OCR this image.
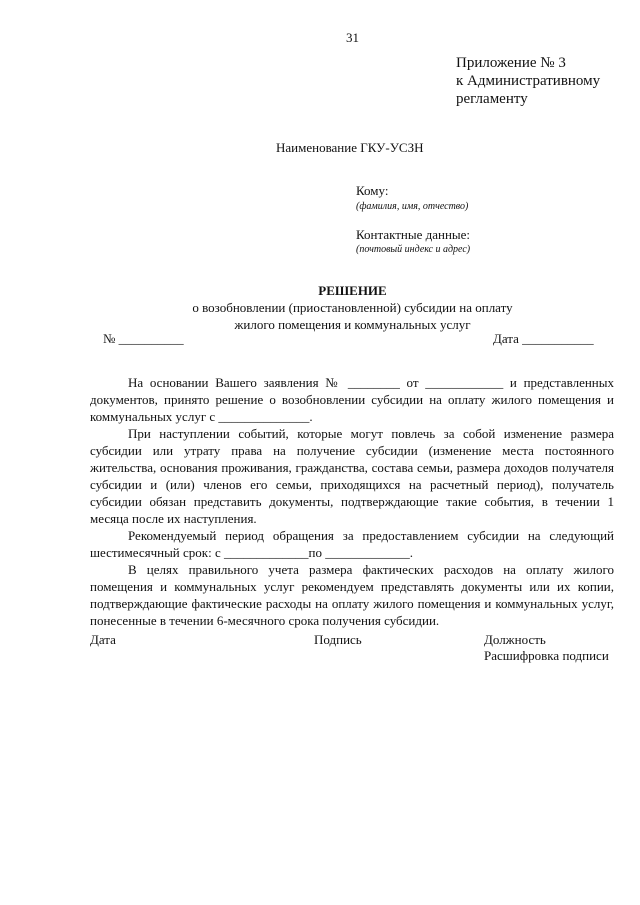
31
Приложение № 3
к Административному
регламенту
Наименование ГКУ-УСЗН
Кому:
(фамилия, имя, отчество)
Контактные данные:
(почтовый индекс и адрес)
РЕШЕНИЕ
о возобновлении (приостановленной) субсидии на оплату
жилого помещения и коммунальных услуг
№ __________	Дата ___________

На основании Вашего заявления № ________ от ____________ и представленных документов, принято решение о возобновлении субсидии на оплату жилого помещения и коммунальных услуг с ______________.

При наступлении событий, которые могут повлечь за собой изменение размера субсидии или утрату права на получение субсидии (изменение места постоянного жительства, основания проживания, гражданства, состава семьи, размера доходов получателя субсидии и (или) членов его семьи, приходящихся на расчетный период), получатель субсидии обязан представить документы, подтверждающие такие события, в течении 1 месяца после их наступления.

Рекомендуемый период обращения за предоставлением субсидии на следующий шестимесячный срок: с _____________по _____________.

В целях правильного учета размера фактических расходов на оплату жилого помещения и коммунальных услуг рекомендуем представлять документы или их копии, подтверждающие фактические расходы на оплату жилого помещения и коммунальных услуг, понесенные в течении 6-месячного срока получения субсидии.

Дата	Подпись	Должность
Расшифровка подписи
